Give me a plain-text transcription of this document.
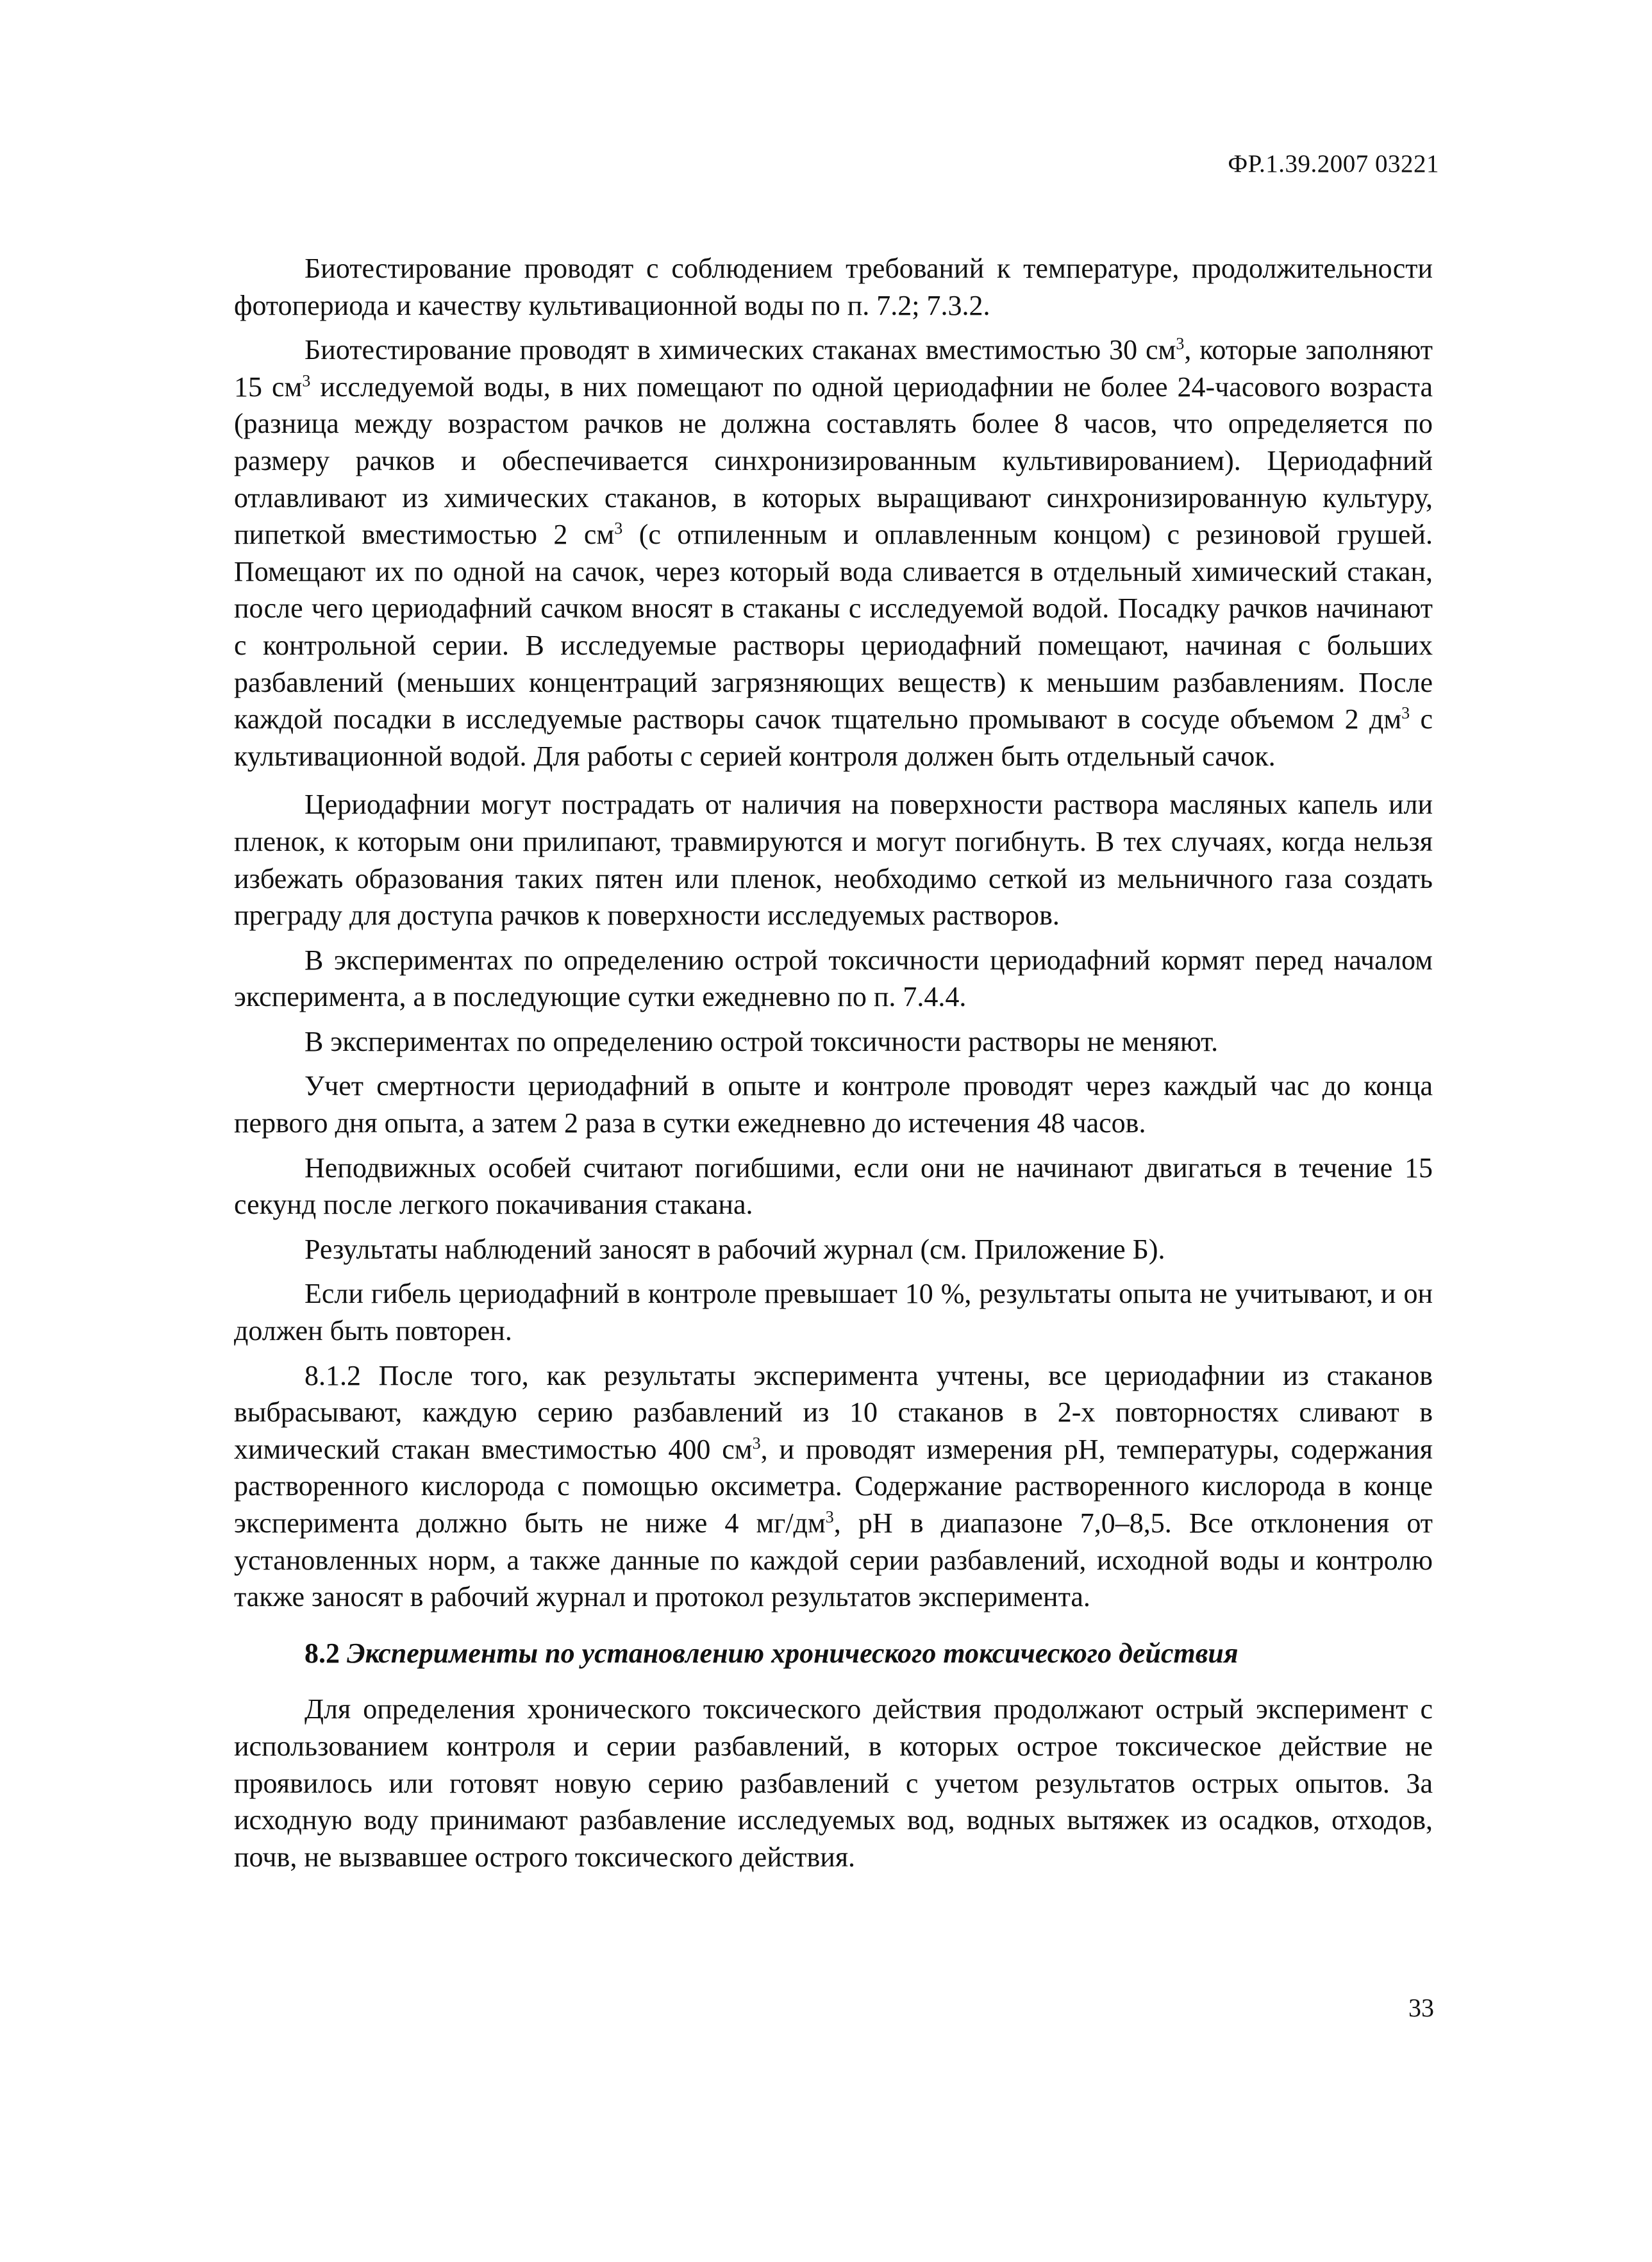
ФР.1.39.2007 03221

Биотестирование проводят с соблюдением требований к температуре, продолжительности фотопериода и качеству культивационной воды по п. 7.2; 7.3.2.

Биотестирование проводят в химических стаканах вместимостью 30 $см^3$, которые заполняют 15 $см^3$ исследуемой воды, в них помещают по одной цериодафнии не более 24-часового возраста (разница между возрастом рачков не должна составлять более 8 часов, что определяется по размеру рачков и обеспечивается синхронизированным культивированием). Цериодафний отлавливают из химических стаканов, в которых выращивают синхронизированную культуру, пипеткой вместимостью 2 $см^3$ (с отпиленным и оплавленным концом) с резиновой грушей. Помещают их по одной на сачок, через который вода сливается в отдельный химический стакан, после чего цериодафний сачком вносят в стаканы с исследуемой водой. Посадку рачков начинают с контрольной серии. В исследуемые растворы цериодафний помещают, начиная с больших разбавлений (меньших концентраций загрязняющих веществ) к меньшим разбавлениям. После каждой посадки в исследуемые растворы сачок тщательно промывают в сосуде объемом 2 $дм^3$ с культивационной водой. Для работы с серией контроля должен быть отдельный сачок.

Цериодафнии могут пострадать от наличия на поверхности раствора масляных капель или пленок, к которым они прилипают, травмируются и могут погибнуть. В тех случаях, когда нельзя избежать образования таких пятен или пленок, необходимо сеткой из мельничного газа создать преграду для доступа рачков к поверхности исследуемых растворов.

В экспериментах по определению острой токсичности цериодафний кормят перед началом эксперимента, а в последующие сутки ежедневно по п. 7.4.4.

В экспериментах по определению острой токсичности растворы не меняют.

Учет смертности цериодафний в опыте и контроле проводят через каждый час до конца первого дня опыта, а затем 2 раза в сутки ежедневно до истечения 48 часов.

Неподвижных особей считают погибшими, если они не начинают двигаться в течение 15 секунд после легкого покачивания стакана.

Результаты наблюдений заносят в рабочий журнал (см. Приложение Б).

Если гибель цериодафний в контроле превышает 10 %, результаты опыта не учитывают, и он должен быть повторен.

8.1.2 После того, как результаты эксперимента учтены, все цериодафнии из стаканов выбрасывают, каждую серию разбавлений из 10 стаканов в 2-х повторностях сливают в химический стакан вместимостью 400 $см^3$, и проводят измерения pH, температуры, содержания растворенного кислорода с помощью оксиметра. Содержание растворенного кислорода в конце эксперимента должно быть не ниже 4 $мг/дм^3$, pH в диапазоне 7,0–8,5. Все отклонения от установленных норм, а также данные по каждой серии разбавлений, исходной воды и контролю также заносят в рабочий журнал и протокол результатов эксперимента.

8.2 Эксперименты по установлению хронического токсического действия

Для определения хронического токсического действия продолжают острый эксперимент с использованием контроля и серии разбавлений, в которых острое токсическое действие не проявилось или готовят новую серию разбавлений с учетом результатов острых опытов. За исходную воду принимают разбавление исследуемых вод, водных вытяжек из осадков, отходов, почв, не вызвавшее острого токсического действия.

33
